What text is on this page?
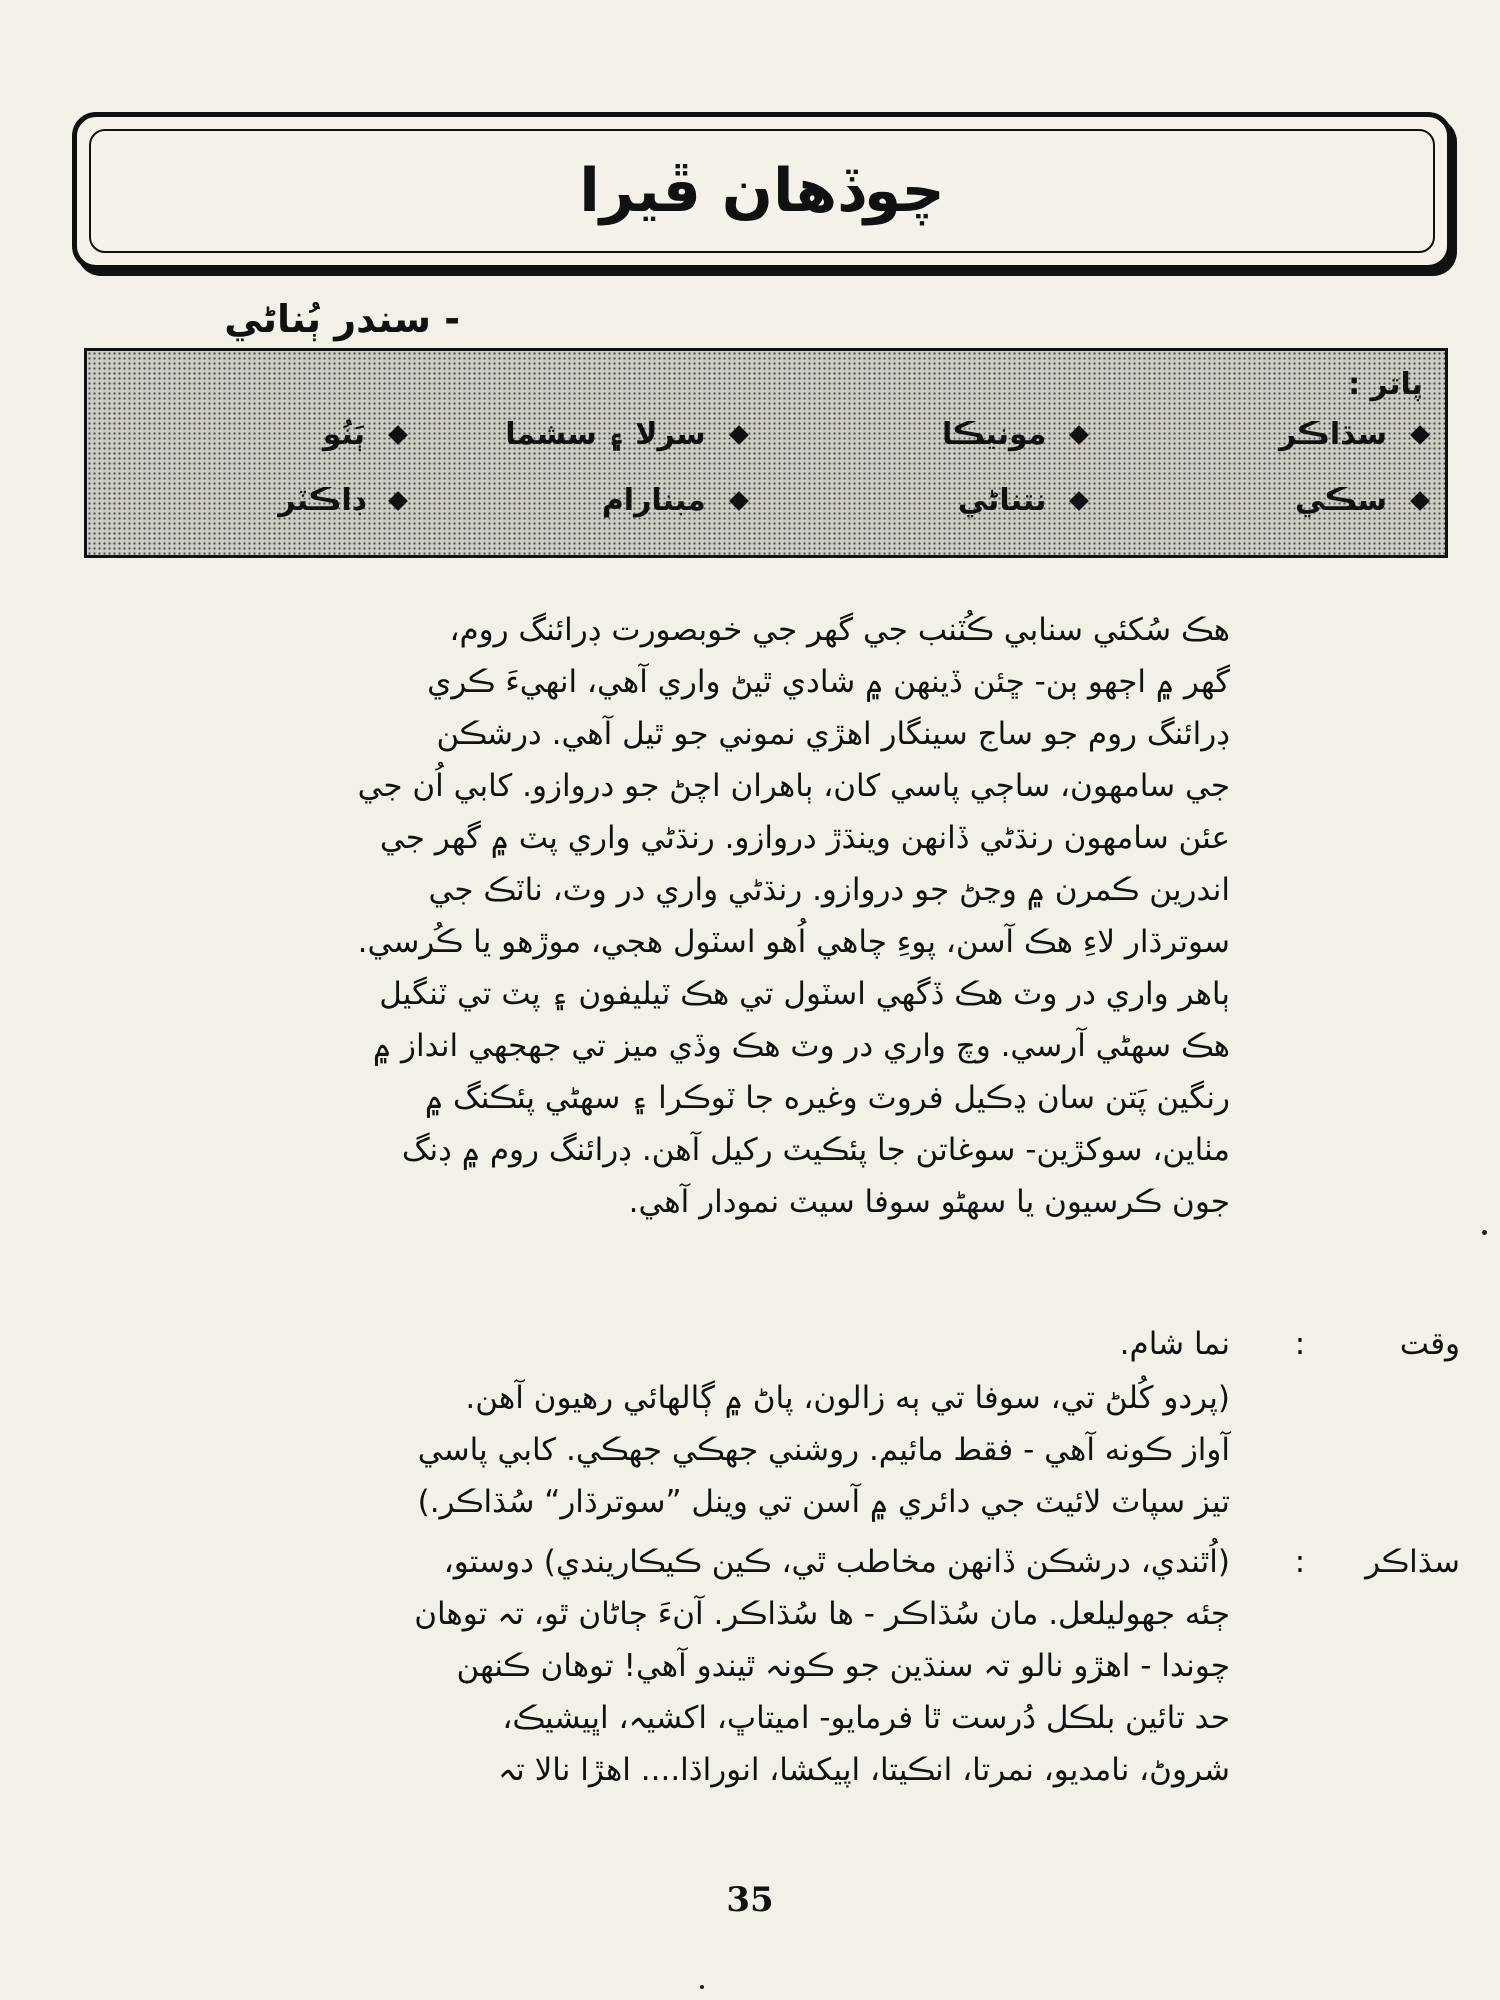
چوڏهان ڦيرا
- سندر ٻُناڻي
پاتر :
سڌاڪر
مونيڪا
سرلا ۽ سشما
ٻَنُو
سڪي
نتناڻي
مبنارام
ڊاڪٽر

هڪ سُکئي سنابي ڪُٽنب جي گهر جي خوبصورت ڊرائنگ روم،

گهر ۾ اڄهو ٻن- ڇئن ڏينهن ۾ شادي ٿيڻ واري آهي، انهيءَ ڪري

ڊرائنگ روم جو ساج سينگار اهڙي نموني جو ٿيل آهي. درشڪن

جي سامهون، ساڄي پاسي کان، ٻاهران اچڻ جو دروازو. کابي اُن جي

عئن سامهون رنڌڻي ڏانهن وينڌڙ دروازو. رنڌڻي واري پٽ ۾ گهر جي

اندرين ڪمرن ۾ وڃڻ جو دروازو. رنڌڻي واري در وٽ، ناٽڪ جي

سوترڌار لاءِ هڪ آسن، پوءِ چاهي اُهو اسٽول هجي، موڙهو يا ڪُرسي.

ٻاهر واري در وٽ هڪ ڏگهي اسٽول تي هڪ ٽيليفون ۽ پٽ تي ٽنگيل

هڪ سهڻي آرسي. وچ واري در وٽ هڪ وڏي ميز تي جهجهي انداز ۾

رنگين پَتن سان ڍڪيل فروٽ وغيره جا ٽوڪرا ۽ سهڻي پئڪنگ ۾

مٺاين، سوکڙين- سوغاتن جا پئڪيٽ رکيل آهن. ڊرائنگ روم ۾ ڊنگ

جون ڪرسيون يا سهڻو سوفا سيٽ نمودار آهي.

وقت
:
نما شام.

(پردو کُلڻ تي، سوفا تي ٻه زالون، پاڻ ۾ ڳالهائي رهيون آهن.

آواز ڪونه آهي - فقط مائيم. روشني جهڪي جهڪي. کابي پاسي

تيز سپاٽ لائيٽ جي دائري ۾ آسن تي وينل ”سوترڌار“ سُڌاڪر.)

سڌاڪر
:
(اُٿندي، درشڪن ڏانهن مخاطب ٿي، ڪين ڪيڪاريندي) دوستو،
ڄئه جهوليلعل. مان سُڌاڪر - ها سُڌاڪر. آنءَ ڄاڻان ٿو، تہ توهان
چوندا - اهڙو نالو تہ سنڌين جو ڪونہ ٿيندو آهي! توهان ڪنهن
حد تائين بلڪل دُرست ٿا فرمايو- اميتاڀ، اکشيہ، اڀيشيڪ،
شروڻ، نامديو، نمرتا، انڪيتا، اپيکشا، انوراڌا.... اهڙا نالا تہ
35
